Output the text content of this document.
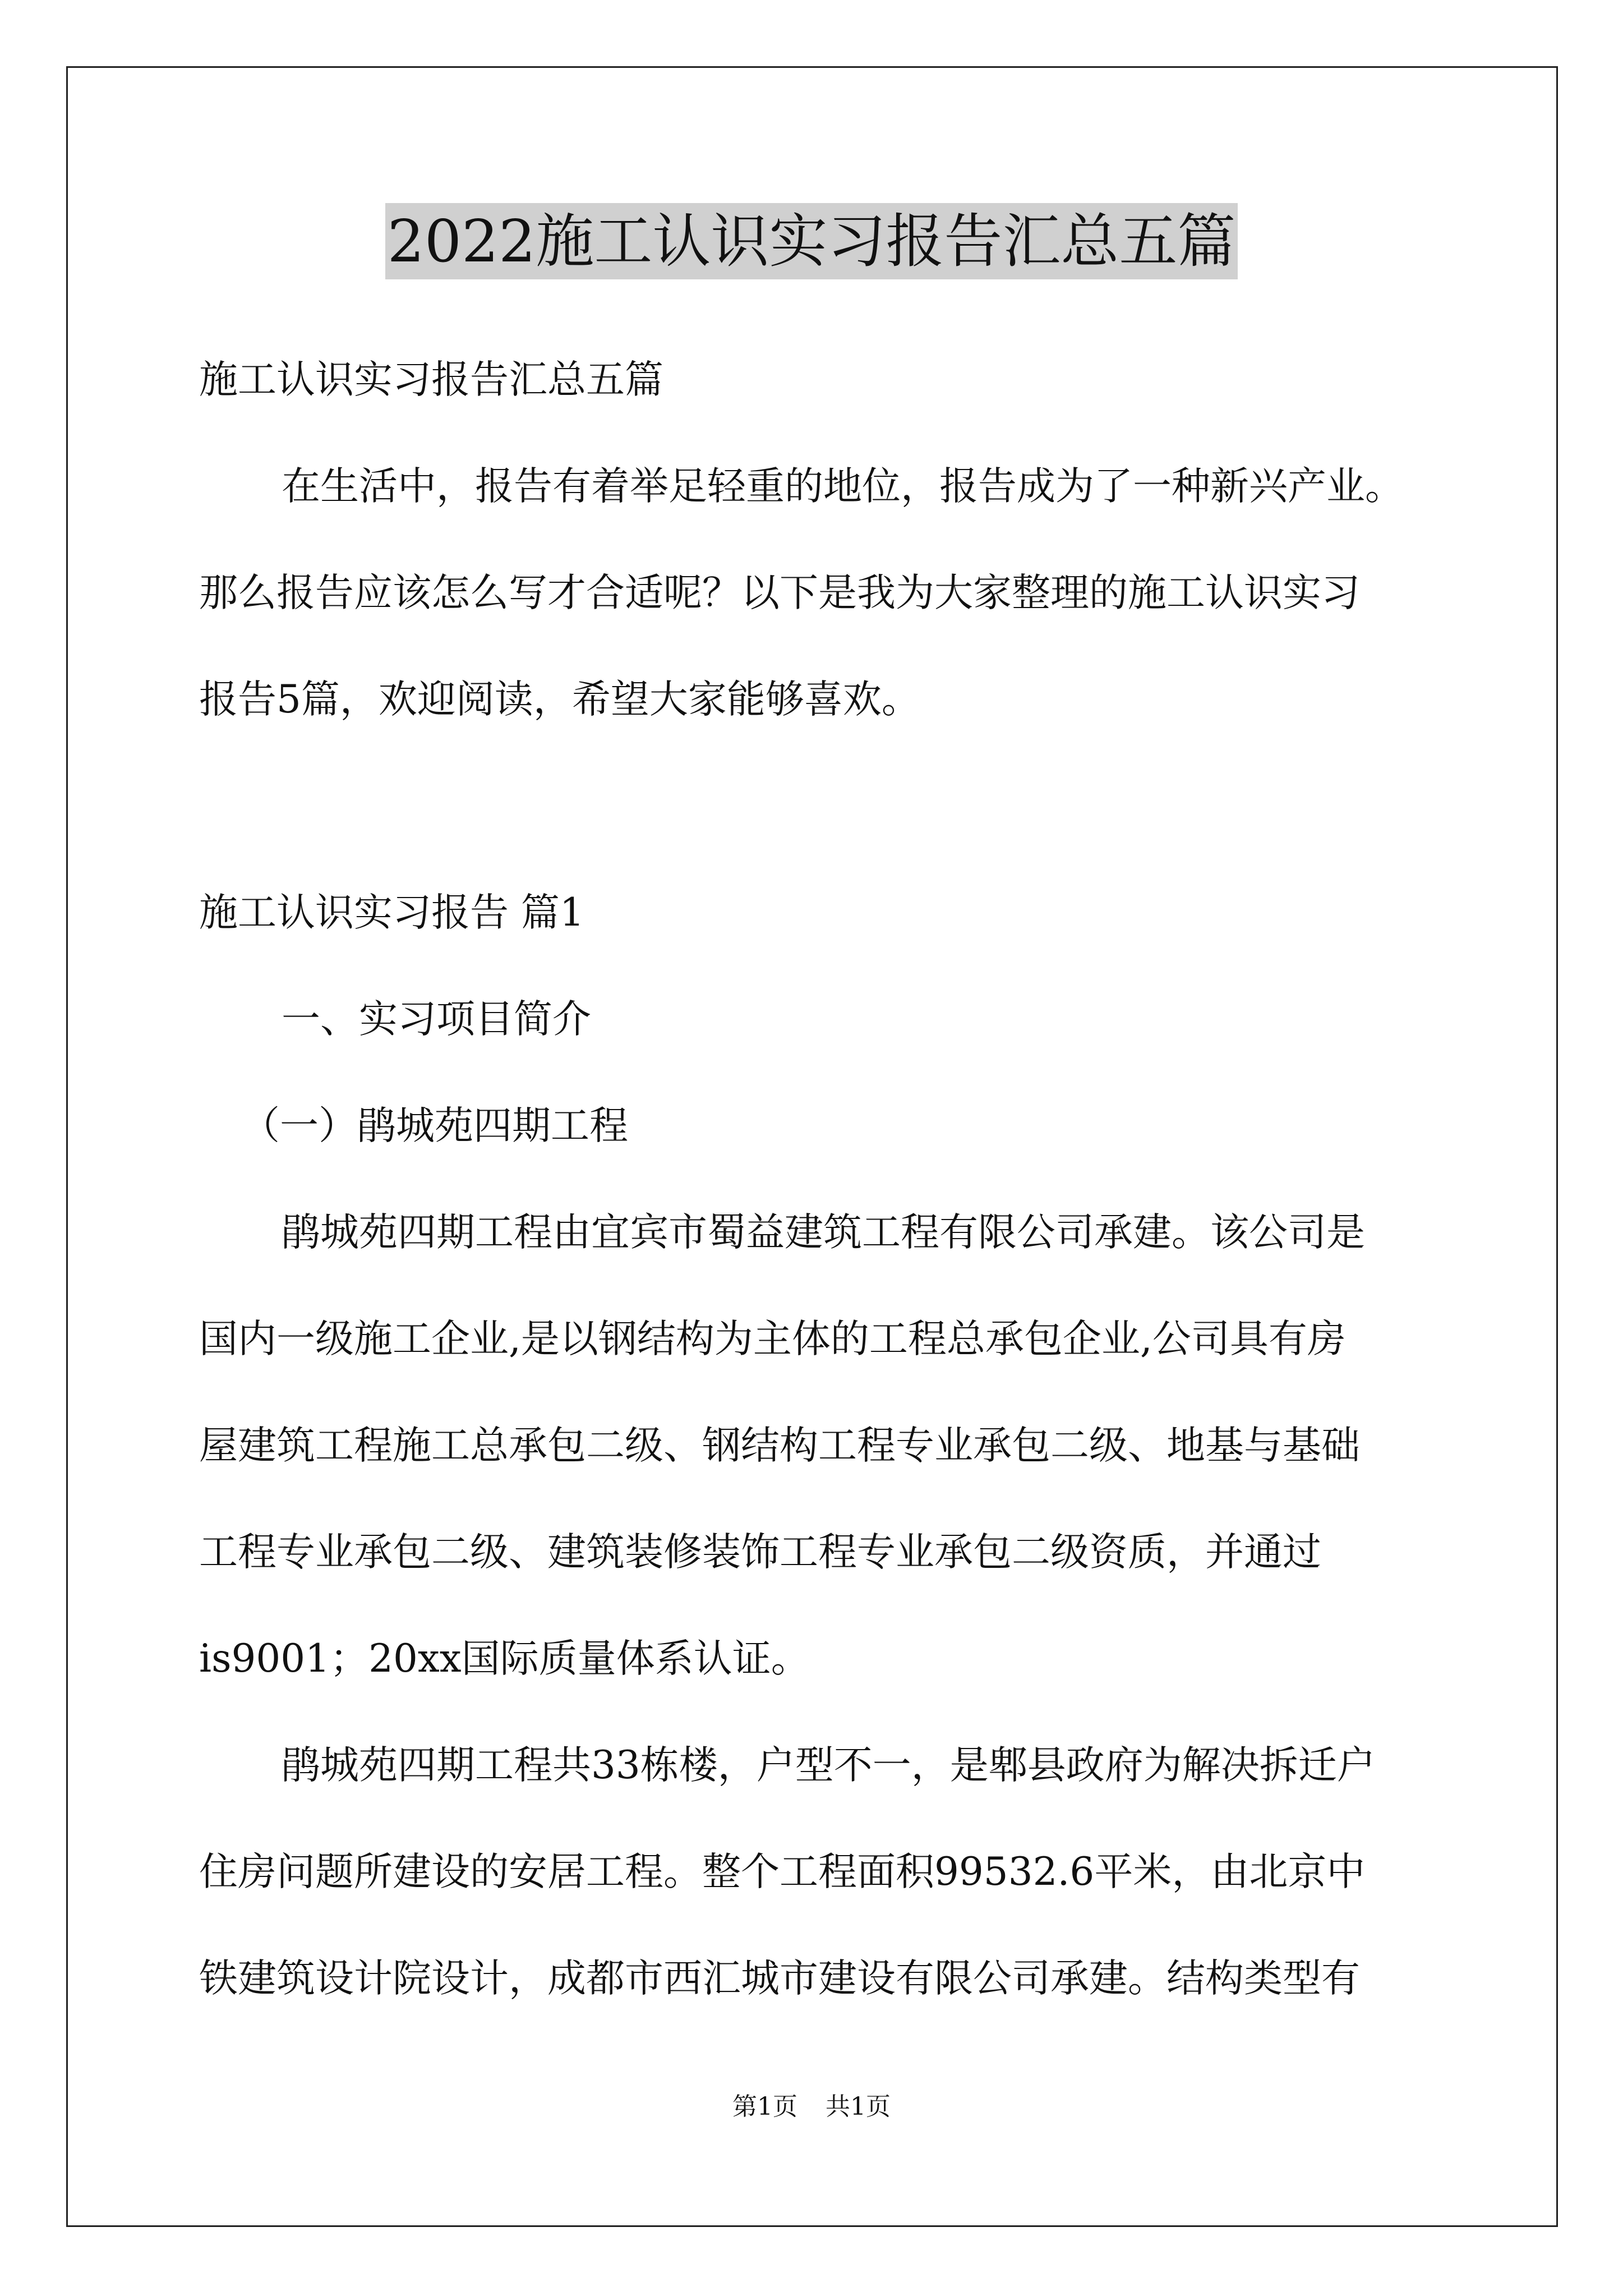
2022施工认识实习报告汇总五篇
施工认识实习报告汇总五篇
在生活中，报告有着举足轻重的地位，报告成为了一种新兴产业。
那么报告应该怎么写才合适呢？以下是我为大家整理的施工认识实习
报告5篇，欢迎阅读，希望大家能够喜欢。
施工认识实习报告 篇1
一、实习项目简介
（一）鹃城苑四期工程
鹃城苑四期工程由宜宾市蜀益建筑工程有限公司承建。该公司是
国内一级施工企业,是以钢结构为主体的工程总承包企业,公司具有房
屋建筑工程施工总承包二级、钢结构工程专业承包二级、地基与基础
工程专业承包二级、建筑装修装饰工程专业承包二级资质，并通过
is9001；20xx国际质量体系认证。
鹃城苑四期工程共33栋楼，户型不一，是郫县政府为解决拆迁户
住房问题所建设的安居工程。整个工程面积99532.6平米，由北京中
铁建筑设计院设计，成都市西汇城市建设有限公司承建。结构类型有
第1页 共1页
